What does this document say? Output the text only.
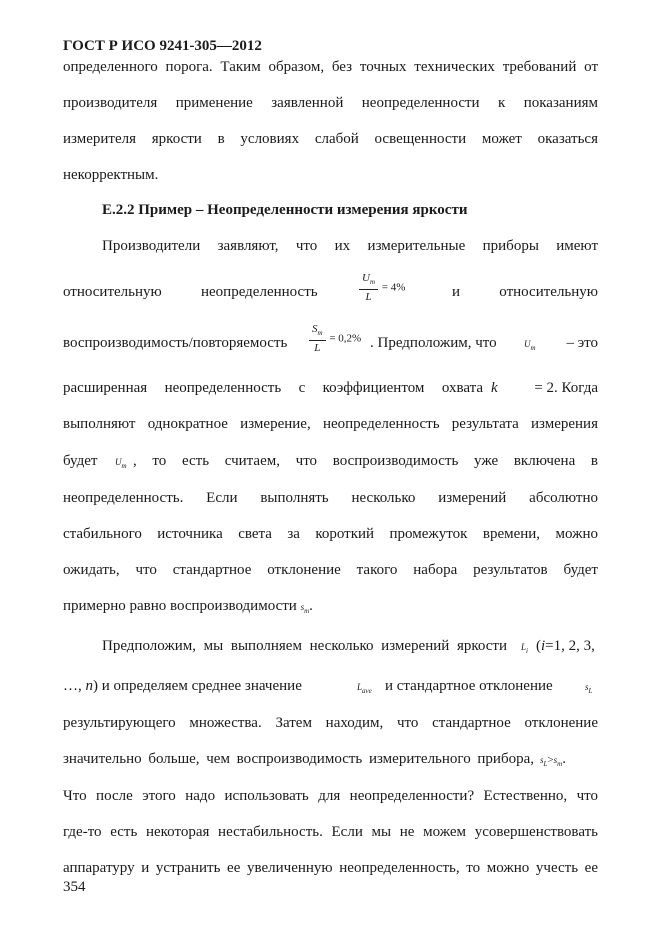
ГОСТ Р ИСО 9241-305—2012
определенного порога. Таким образом, без точных технических требований от
производителя применение заявленной неопределенности к показаниям
измерителя яркости в условиях слабой освещенности может оказаться
некорректным.
Е.2.2 Пример – Неопределенности измерения яркости
Производители заявляют, что их измерительные приборы имеют
относительную	неопределенность	$\frac{U_m}{L} = 4\%$	и	относительную
воспроизводимость/повторяемость $\frac{S_m}{L} = 0,2\%$ . Предположим, что	$U_m$ – это
расширенная неопределенность с коэффициентом охвата k = 2. Когда
выполняют однократное измерение, неопределенность результата измерения
будет $U_m$ , то есть считаем, что воспроизводимость уже включена в
неопределенность. Если выполнять несколько измерений абсолютно
стабильного источника света за короткий промежуток времени, можно
ожидать, что стандартное отклонение такого набора результатов будет
примерно равно воспроизводимости $s_m$.
Предположим, мы выполняем несколько измерений яркости $L_i$ (i=1, 2, 3,
…, n) и определяем среднее значение	$L_{ave}$ и стандартное отклонение	$s_L$
результирующего множества. Затем находим, что стандартное отклонение
значительно больше, чем воспроизводимость измерительного прибора, $s_L>s_m$.
Что после этого надо использовать для неопределенности? Естественно, что
где-то есть некоторая нестабильность. Если мы не можем усовершенствовать
аппаратуру и устранить ее увеличенную неопределенность, то можно учесть ее
354
